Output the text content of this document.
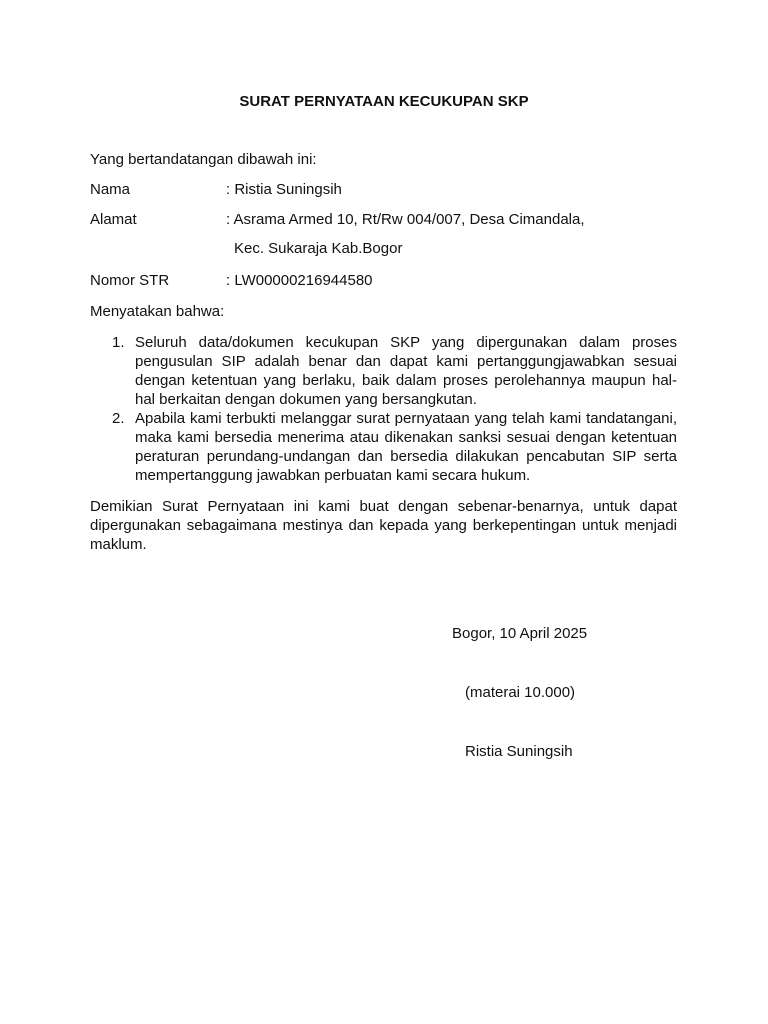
SURAT PERNYATAAN KECUKUPAN SKP
Yang bertandatangan dibawah ini:
Nama	: Ristia Suningsih
Alamat	: Asrama Armed 10, Rt/Rw 004/007, Desa Cimandala,
Kec. Sukaraja Kab.Bogor
Nomor STR	: LW00000216944580
Menyatakan bahwa:
1. Seluruh data/dokumen kecukupan SKP yang dipergunakan dalam proses pengusulan SIP adalah benar dan dapat kami pertanggungjawabkan sesuai dengan ketentuan yang berlaku, baik dalam proses perolehannya maupun hal-hal berkaitan dengan dokumen yang bersangkutan.
2. Apabila kami terbukti melanggar surat pernyataan yang telah kami tandatangani, maka kami bersedia menerima atau dikenakan sanksi sesuai dengan ketentuan peraturan perundang-undangan dan bersedia dilakukan pencabutan SIP serta mempertanggung jawabkan perbuatan kami secara hukum.
Demikian Surat Pernyataan ini kami buat dengan sebenar-benarnya, untuk dapat dipergunakan sebagaimana mestinya dan kepada yang berkepentingan untuk menjadi maklum.
Bogor, 10 April 2025
(materai 10.000)
Ristia Suningsih
